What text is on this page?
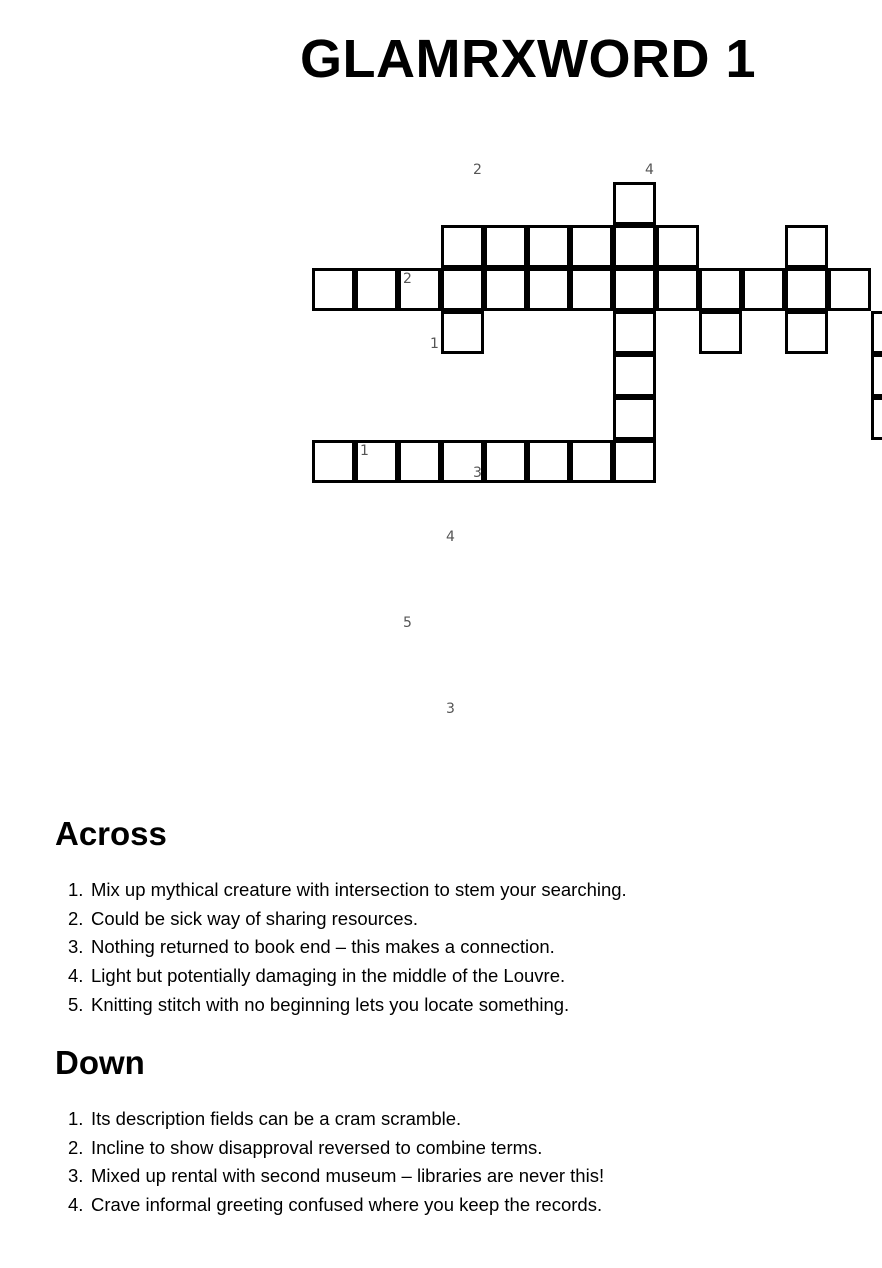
GLAMRXWORD 1
2	4
2
1
1
3
4
5
3
Across
1. Mix up mythical creature with intersection to stem your searching.
2. Could be sick way of sharing resources.
3. Nothing returned to book end – this makes a connection.
4. Light but potentially damaging in the middle of the Louvre.
5. Knitting stitch with no beginning lets you locate something.
Down
1. Its description fields can be a cram scramble.
2. Incline to show disapproval reversed to combine terms.
3. Mixed up rental with second museum – libraries are never this!
4. Crave informal greeting confused where you keep the records.
